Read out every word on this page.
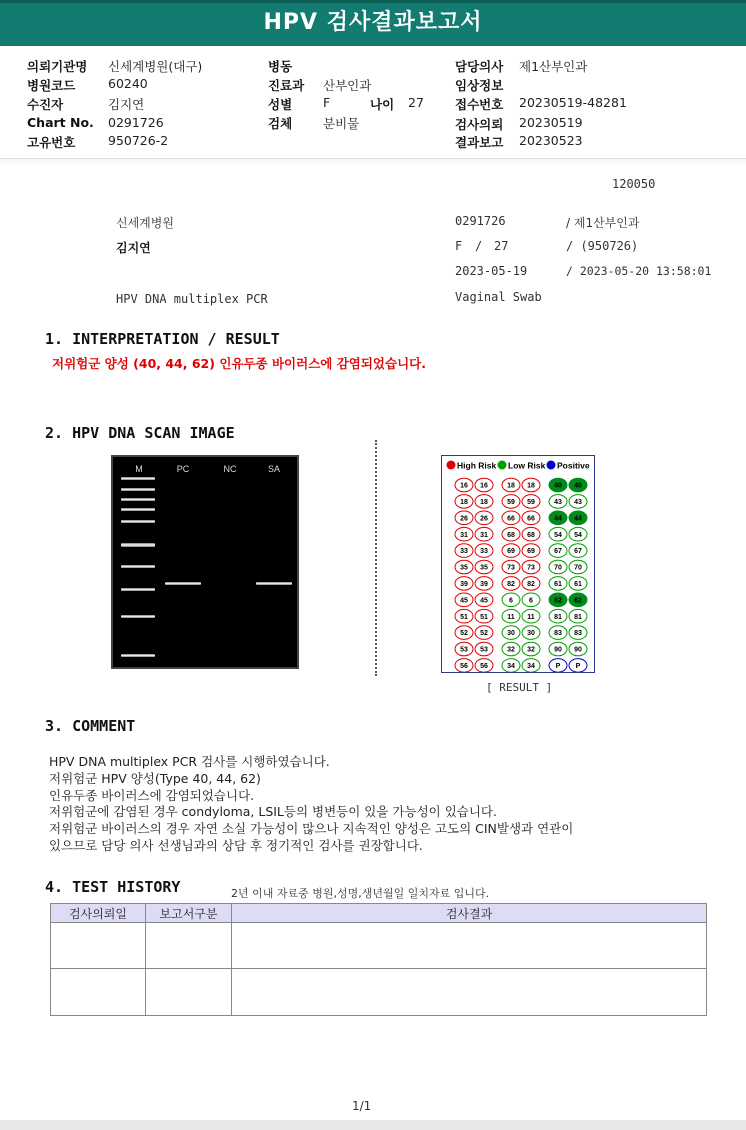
HPV 검사결과보고서
의뢰기관명 신세계병원(대구)
병원코드	60240
수진자	김지연
Chart No. 0291726
고유번호	950726-2
병동
진료과 산부인과
성별 F	나이 27
검체 분비물
담당의사 제1산부인과
임상정보
접수번호 20230519-48281
검사의뢰 20230519
결과보고 20230523
120050
신세계병원	0291726	/ 제1산부인과
김지연	F / 27	/ (950726)
2023-05-19	/ 2023-05-20 13:58:01
HPV DNA multiplex PCR	Vaginal Swab
1. INTERPRETATION / RESULT
저위험군 양성 (40, 44, 62) 인유두종 바이러스에 감염되었습니다.
2. HPV DNA SCAN IMAGE
M	PC	NC	SA	High Risk Low Risk Positive
16 16	18 18	40 40
18 18	59 59	43 43
26 26	66 66	44 44
31 31	68 68	54 54
33 33	69 69	67 67
35 35	73 73	70 70
39 39	82 82	61 61
45 45	6 6	62 62
51 51	11 11	81 81
52 52	30 30	83 83
53 53	32 32	90 90
56 56	34 34	P P
[ RESULT ]
3. COMMENT
HPV DNA multiplex PCR 검사를 시행하였습니다.
저위험군 HPV 양성(Type 40, 44, 62)
인유두종 바이러스에 감염되었습니다.
저위험군에 감염된 경우 condyloma, LSIL등의 병변등이 있을 가능성이 있습니다.
저위험군 바이러스의 경우 자연 소실 가능성이 많으나 지속적인 양성은 고도의 CIN발생과 연관이
있으므로 담당 의사 선생님과의 상담 후 정기적인 검사를 권장합니다.
4. TEST HISTORY	2년 이내 자료중 병원,성명,생년월일 일치자료 입니다.
검사의뢰일	보고서구분	검사결과

1/1
